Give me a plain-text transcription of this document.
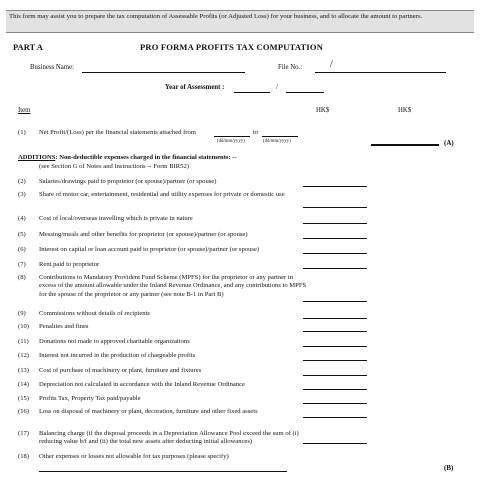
This form may assist you to prepare the tax computation of Assessable Profits (or Adjusted Loss) for your business, and to allocate the amount to partners.
PART A	PRO FORMA PROFITS TAX COMPUTATION
Business Name:	File No.:	/
Year of Assessment :	/
Item	HK$	HK$
(1) Net Profit/(Loss) per the financial statements attached from	to
(dd/mm/yyyy)	(dd/mm/yyyy)	(A)
ADDITIONS: Non-deductible expenses charged in the financial statements: --
(see Section G of Notes and Instructions -- Form BIR52)
(2) Salaries/drawings paid to proprietor (or spouse)/partner (or spouse)
(3) Share of motor car, entertainment, residential and utility expenses for private or domestic use
(4) Cost of local/overseas travelling which is private in nature
(5) Messing/meals and other benefits for proprietor (or spouse)/partner (or spouse)
(6) Interest on capital or loan account paid to proprietor (or spouse)/partner (or spouse)
(7) Rent paid to proprietor
(8) Contributions to Mandatory Provident Fund Scheme (MPFS) for the proprietor or any partner in excess of the amount allowable under the Inland Revenue Ordinance, and any contributions to MPFS for the spouse of the proprietor or any partner (see note B-1 in Part B)
(9) Commissions without details of recipients
(10) Penalties and fines
(11) Donations not made to approved charitable organizations
(12) Interest not incurred in the production of chargeable profits
(13) Cost of purchase of machinery or plant, furniture and fixtures
(14) Depreciation not calculated in accordance with the Inland Revenue Ordinance
(15) Profits Tax, Property Tax paid/payable
(16) Loss on disposal of machinery or plant, decoration, furniture and other fixed assets
(17) Balancing charge (if the disposal proceeds in a Depreciation Allowance Pool exceed the sum of (i) reducing value b/f and (ii) the total new assets after deducting initial allowances)
(18) Other expenses or losses not allowable for tax purposes (please specify)
(B)
